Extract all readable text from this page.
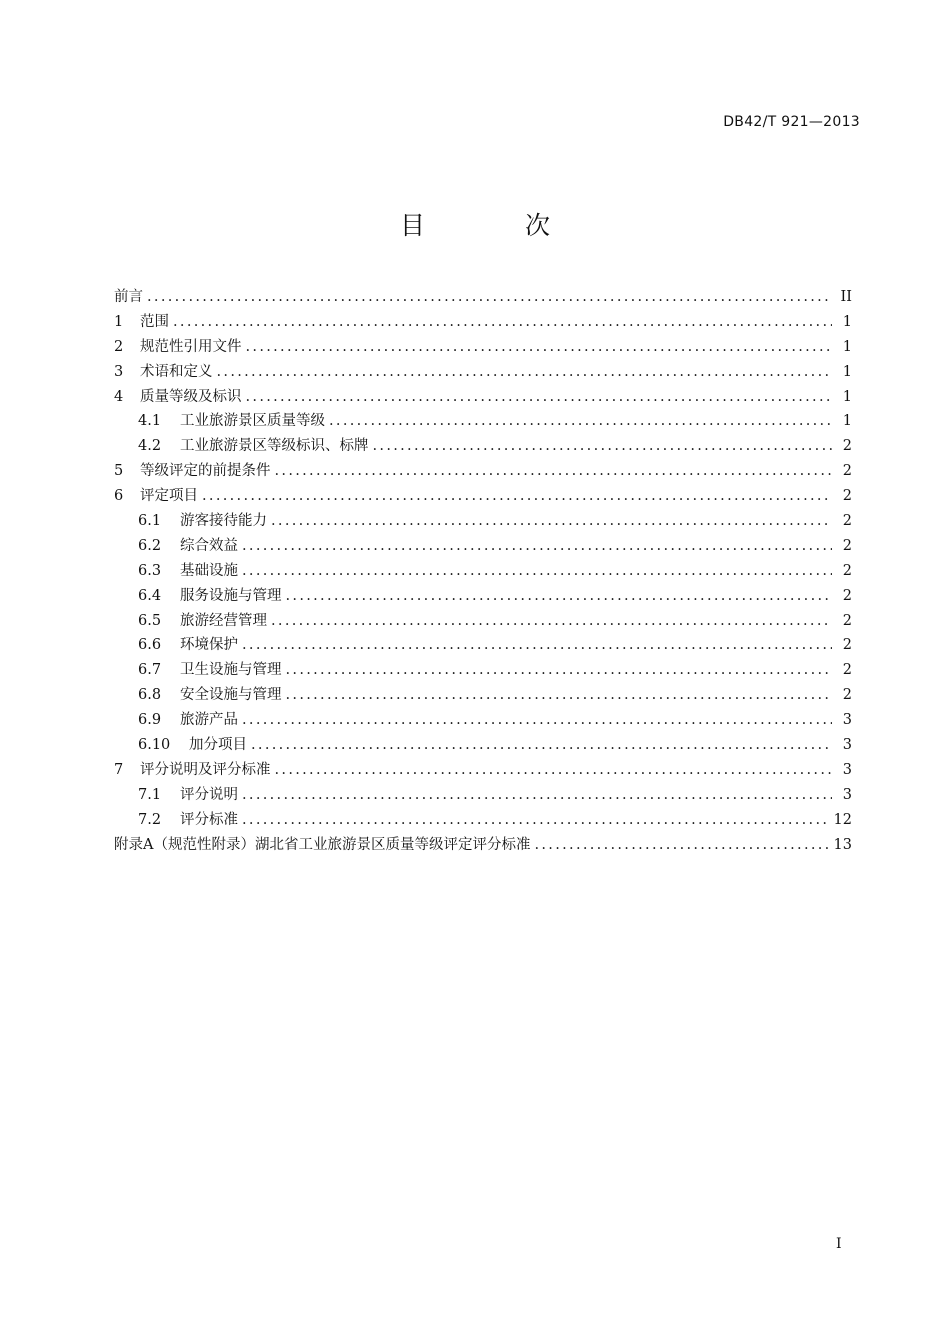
DB42/T 921—2013
目	次
前言 .....	II
1	范围 .....	1
2	规范性引用文件 .....	1
3	术语和定义 .....	1
4	质量等级及标识 .....	1
4.1	工业旅游景区质量等级 .....	1
4.2	工业旅游景区等级标识、标牌 .....	2
5	等级评定的前提条件 .....	2
6	评定项目 .....	2
6.1	游客接待能力 .....	2
6.2	综合效益 .....	2
6.3	基础设施 .....	2
6.4	服务设施与管理 .....	2
6.5	旅游经营管理 .....	2
6.6	环境保护 .....	2
6.7	卫生设施与管理 .....	2
6.8	安全设施与管理 .....	2
6.9	旅游产品 .....	3
6.10	加分项目 .....	3
7	评分说明及评分标准 .....	3
7.1	评分说明 .....	3
7.2	评分标准 .....	12
附录A（规范性附录）湖北省工业旅游景区质量等级评定评分标准 .....	13
I
